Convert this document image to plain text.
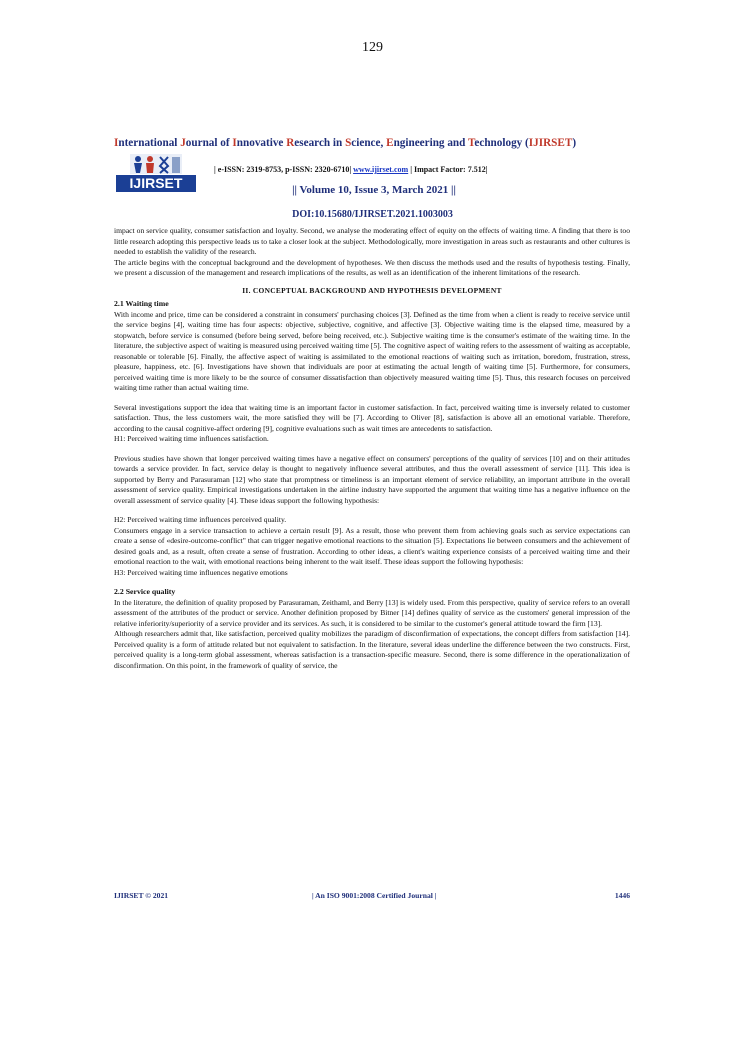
129
International Journal of Innovative Research in Science, Engineering and Technology (IJIRSET)
IJIRSET
| e-ISSN: 2319-8753, p-ISSN: 2320-6710| www.ijirset.com | Impact Factor: 7.512|
|| Volume 10, Issue 3, March 2021 ||
DOI:10.15680/IJIRSET.2021.1003003

impact on service quality, consumer satisfaction and loyalty. Second, we analyse the moderating effect of equity on the effects of waiting time. A finding that there is too little research adopting this perspective leads us to take a closer look at the subject. Methodologically, more investigation in areas such as restaurants and other cultures is needed to establish the validity of the research.

The article begins with the conceptual background and the development of hypotheses. We then discuss the methods used and the results of hypothesis testing. Finally, we present a discussion of the management and research implications of the results, as well as an identification of the inherent limitations of the research.

II. CONCEPTUAL BACKGROUND AND HYPOTHESIS DEVELOPMENT
2.1 Waiting time

With income and price, time can be considered a constraint in consumers' purchasing choices [3]. Defined as the time from when a client is ready to receive service until the service begins [4], waiting time has four aspects: objective, subjective, cognitive, and affective [3]. Objective waiting time is the elapsed time, measured by a stopwatch, before service is consumed (before being served, before being received, etc.). Subjective waiting time is the consumer's estimate of the waiting time. In the literature, the subjective aspect of waiting is measured using perceived waiting time [5]. The cognitive aspect of waiting refers to the assessment of waiting as acceptable, reasonable or tolerable [6]. Finally, the affective aspect of waiting is assimilated to the emotional reactions of waiting such as irritation, boredom, frustration, stress, pleasure, happiness, etc. [6]. Investigations have shown that individuals are poor at estimating the actual length of waiting time [5]. Furthermore, for consumers, perceived waiting time is more likely to be the source of consumer dissatisfaction than objectively measured waiting time [5]. Thus, this research focuses on perceived waiting time rather than actual waiting time.

Several investigations support the idea that waiting time is an important factor in customer satisfaction. In fact, perceived waiting time is inversely related to customer satisfaction. Thus, the less customers wait, the more satisfied they will be [7]. According to Oliver [8], satisfaction is above all an emotional variable. Therefore, according to the causal cognitive-affect ordering [9], cognitive evaluations such as wait times are antecedents to satisfaction.

H1: Perceived waiting time influences satisfaction.

Previous studies have shown that longer perceived waiting times have a negative effect on consumers' perceptions of the quality of services [10] and on their attitudes towards a service provider. In fact, service delay is thought to negatively influence several attributes, and thus the overall assessment of service [11]. This idea is supported by Berry and Parasuraman [12] who state that promptness or timeliness is an important element of service reliability, an important attribute in the overall assessment of service quality. Empirical investigations undertaken in the airline industry have supported the argument that waiting time has a negative influence on the overall assessment of service quality [4]. These ideas support the following hypothesis:

H2: Perceived waiting time influences perceived quality.

Consumers engage in a service transaction to achieve a certain result [9]. As a result, those who prevent them from achieving goals such as service expectations can create a sense of «desire-outcome-conflict" that can trigger negative emotional reactions to the situation [5]. Expectations lie between consumers and the achievement of desired goals and, as a result, often create a sense of frustration. According to other ideas, a client's waiting experience consists of a perceived waiting time and their emotional reaction to the wait, with emotional reactions being inherent to the wait itself. These ideas support the following hypothesis:

H3: Perceived waiting time influences negative emotions

2.2 Service quality

In the literature, the definition of quality proposed by Parasuraman, Zeithaml, and Berry [13] is widely used. From this perspective, quality of service refers to an overall assessment of the attributes of the product or service. Another definition proposed by Bitner [14] defines quality of service as the customers' general impression of the relative inferiority/superiority of a service provider and its services. As such, it is considered to be similar to the customer's general attitude toward the firm [13].

Although researchers admit that, like satisfaction, perceived quality mobilizes the paradigm of disconfirmation of expectations, the concept differs from satisfaction [14]. Perceived quality is a form of attitude related but not equivalent to satisfaction. In the literature, several ideas underline the difference between the two constructs. First, perceived quality is a long-term global assessment, whereas satisfaction is a transaction-specific measure. Second, there is some difference in the operationalization of disconfirmation. On this point, in the framework of quality of service, the

IJIRSET © 2021	| An ISO 9001:2008 Certified Journal |	1446
